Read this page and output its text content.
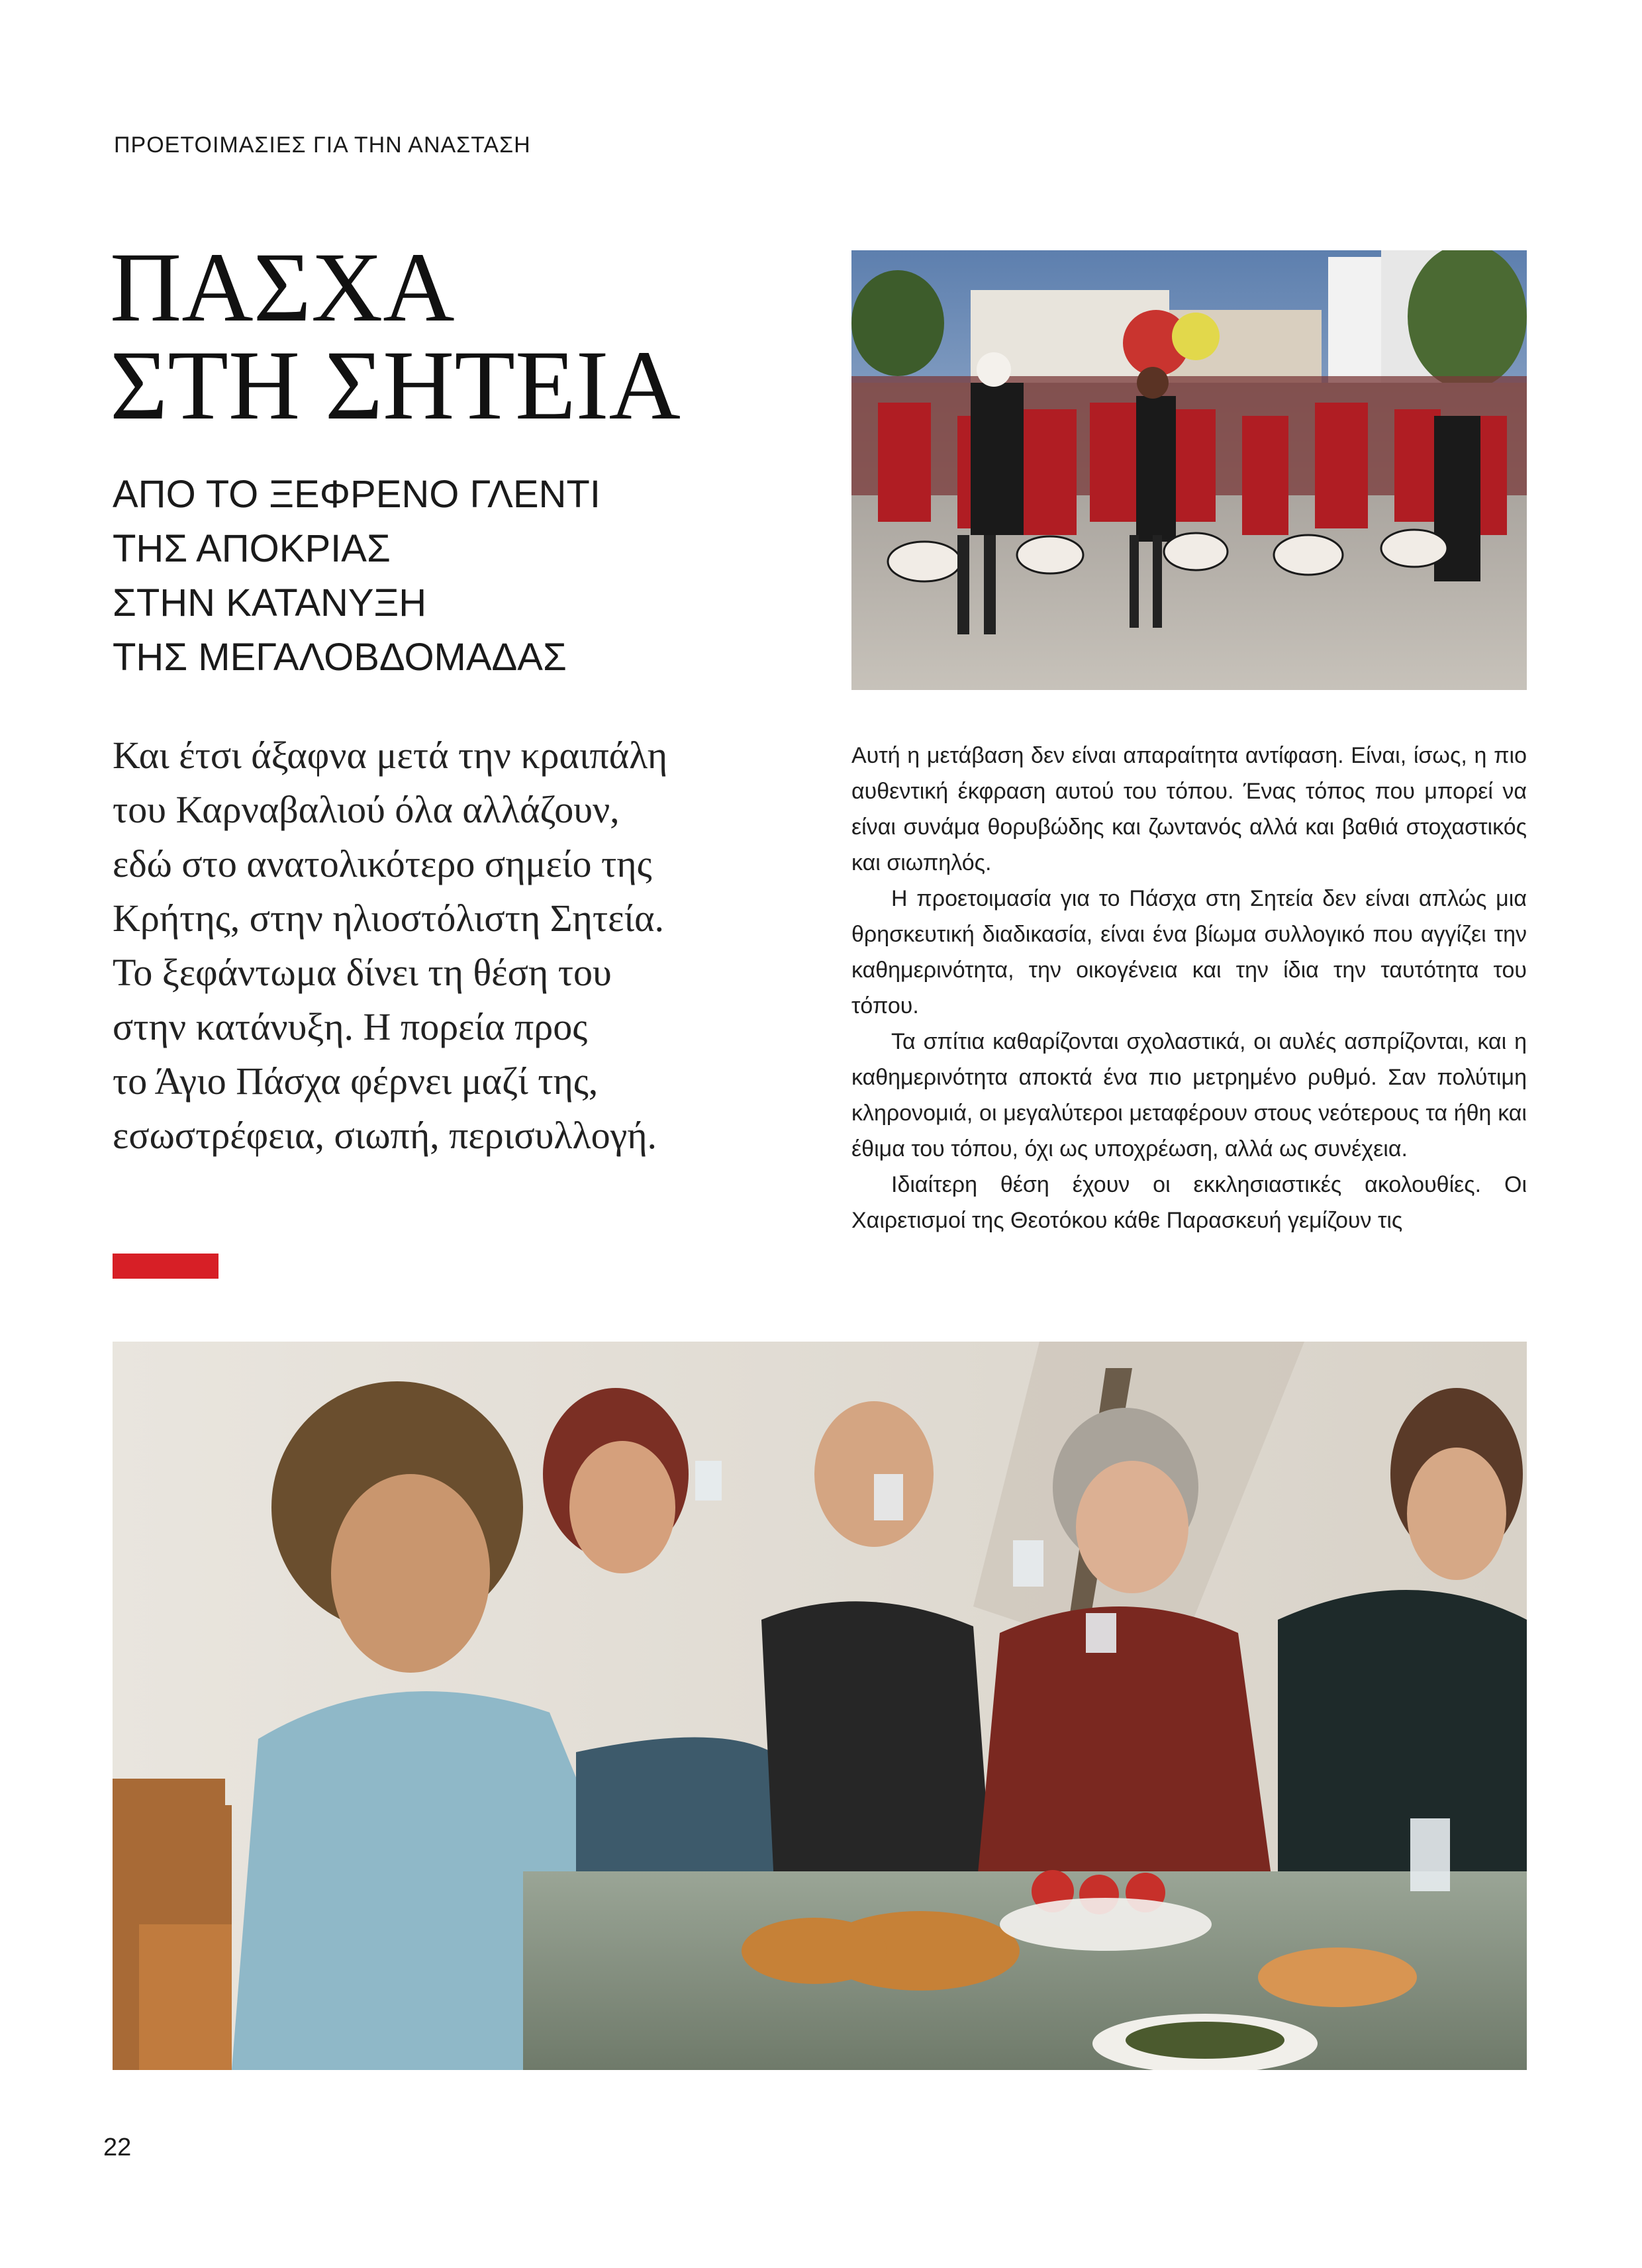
ΠΡΟΕΤΟΙΜΑΣΙΕΣ ΓΙΑ ΤΗΝ ΑΝΑΣΤΑΣΗ
ΠΑΣΧΑ
ΣΤΗ ΣΗΤΕΙΑ
ΑΠΟ ΤΟ ΞΕΦΡΕΝΟ ΓΛΕΝΤΙ
ΤΗΣ ΑΠΟΚΡΙΑΣ
ΣΤΗΝ ΚΑΤΑΝΥΞΗ
ΤΗΣ ΜΕΓΑΛΟΒΔΟΜΑΔΑΣ
Και έτσι άξαφνα μετά την κραιπάλη
του Καρναβαλιού όλα αλλάζουν,
εδώ στο ανατολικότερο σημείο της
Κρήτης, στην ηλιοστόλιστη Σητεία.
Το ξεφάντωμα δίνει τη θέση του
στην κατάνυξη. Η πορεία προς
το Άγιο Πάσχα φέρνει μαζί της,
εσωστρέφεια, σιωπή, περισυλλογή.

Αυτή η μετάβαση δεν είναι απαραίτητα αντίφαση. Είναι, ίσως, η πιο αυθεντική έκφραση αυτού του τόπου. Ένας τόπος που μπορεί να είναι συνάμα θορυβώδης και ζωντανός αλλά και βαθιά στοχαστικός και σιωπηλός.

Η προετοιμασία για το Πάσχα στη Σητεία δεν είναι απλώς μια θρησκευτική διαδικασία, είναι ένα βίωμα συλλογικό που αγγίζει την καθημερινότητα, την οικογένεια και την ίδια την ταυτότητα του τόπου.

Τα σπίτια καθαρίζονται σχολαστικά, οι αυλές ασπρίζονται, και η καθημερινότητα αποκτά ένα πιο μετρημένο ρυθμό. Σαν πολύτιμη κληρονομιά, οι μεγαλύτεροι μεταφέρουν στους νεότερους τα ήθη και έθιμα του τόπου, όχι ως υποχρέωση, αλλά ως συνέχεια.

Ιδιαίτερη θέση έχουν οι εκκλησιαστικές ακολουθίες. Οι Χαιρετισμοί της Θεοτόκου κάθε Παρασκευή γεμίζουν τις

22
